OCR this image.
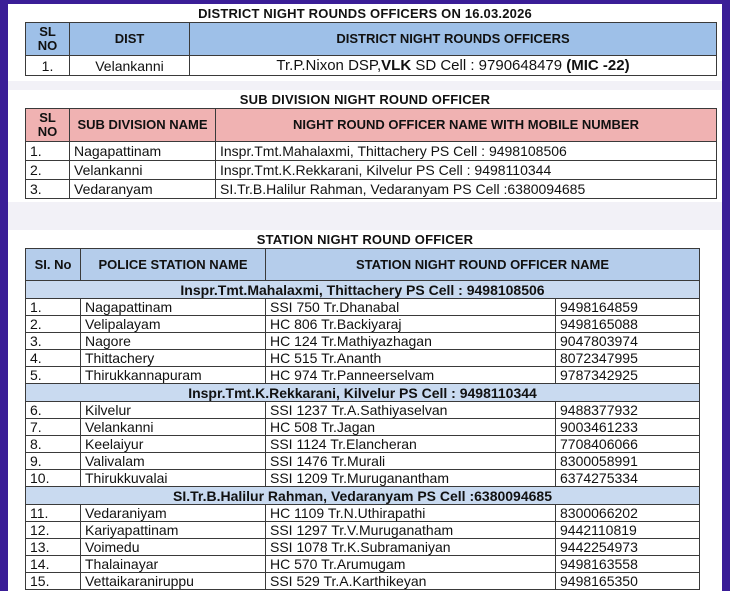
DISTRICT NIGHT ROUNDS OFFICERS ON 16.03.2026
SL NO	DIST	DISTRICT NIGHT ROUNDS OFFICERS
1.	Velankanni	Tr.P.Nixon DSP,VLK SD Cell : 9790648479 (MIC -22)
SUB DIVISION NIGHT ROUND OFFICER
SL NO	SUB DIVISION NAME	NIGHT ROUND OFFICER NAME WITH MOBILE NUMBER
1.	Nagapattinam	Inspr.Tmt.Mahalaxmi, Thittachery PS Cell : 9498108506
2.	Velankanni	Inspr.Tmt.K.Rekkarani, Kilvelur PS Cell : 9498110344
3.	Vedaranyam	SI.Tr.B.Halilur Rahman, Vedaranyam PS Cell :6380094685
STATION NIGHT ROUND OFFICER
SI. No	POLICE STATION NAME	STATION NIGHT ROUND OFFICER NAME	
Inspr.Tmt.Mahalaxmi, Thittachery PS Cell : 9498108506			
1.	Nagapattinam	SSI 750 Tr.Dhanabal	9498164859
2.	Velipalayam	HC 806 Tr.Backiyaraj	9498165088
3.	Nagore	HC 124 Tr.Mathiyazhagan	9047803974
4.	Thittachery	HC 515 Tr.Ananth	8072347995
5.	Thirukkannapuram	HC 974 Tr.Panneerselvam	9787342925
Inspr.Tmt.K.Rekkarani, Kilvelur PS Cell : 9498110344			
6.	Kilvelur	SSI 1237 Tr.A.Sathiyaselvan	9488377932
7.	Velankanni	HC 508 Tr.Jagan	9003461233
8.	Keelaiyur	SSI 1124 Tr.Elancheran	7708406066
9.	Valivalam	SSI 1476 Tr.Murali	8300058991
10.	Thirukkuvalai	SSI 1209 Tr.Muruganantham	6374275334
SI.Tr.B.Halilur Rahman, Vedaranyam PS Cell :6380094685			
11.	Vedaraniyam	HC 1109 Tr.N.Uthirapathi	8300066202
12.	Kariyapattinam	SSI 1297 Tr.V.Muruganatham	9442110819
13.	Voimedu	SSI 1078 Tr.K.Subramaniyan	9442254973
14.	Thalainayar	HC 570 Tr.Arumugam	9498163558
15.	Vettaikaraniruppu	SSI 529 Tr.A.Karthikeyan	9498165350
